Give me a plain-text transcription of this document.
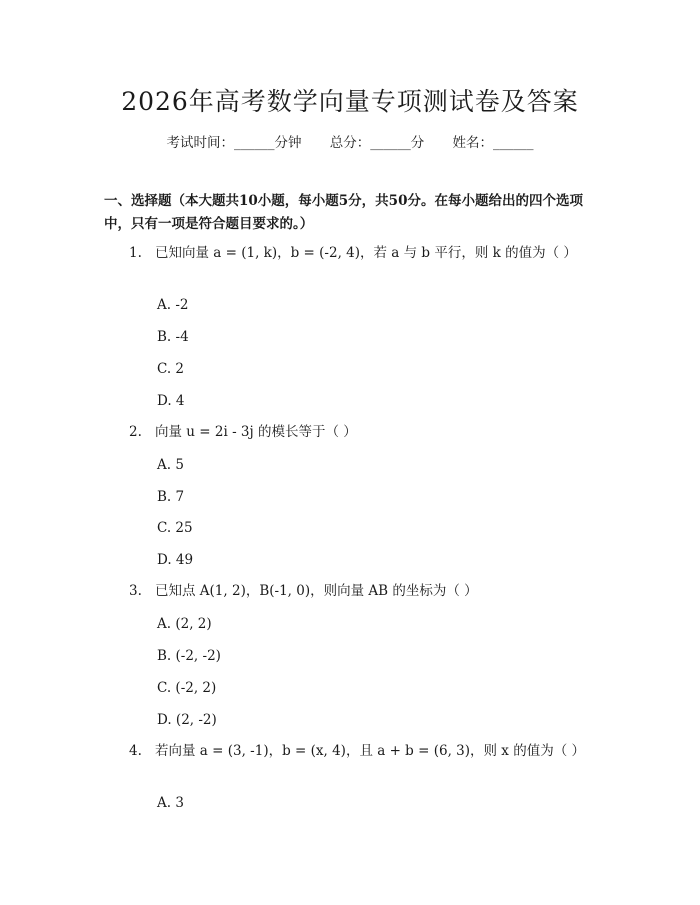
2026年高考数学向量专项测试卷及答案
考试时间：______分钟 总分：______分 姓名：______
一、选择题（本大题共10小题，每小题5分，共50分。在每小题给出的四个选项中，只有一项是符合题目要求的。）
1. 已知向量 a = (1, k)，b = (-2, 4)，若 a 与 b 平行，则 k 的值为（ ）
A. -2
B. -4
C. 2
D. 4
2. 向量 u = 2i - 3j 的模长等于（ ）
A. 5
B. 7
C. 25
D. 49
3. 已知点 A(1, 2)，B(-1, 0)，则向量 AB 的坐标为（ ）
A. (2, 2)
B. (-2, -2)
C. (-2, 2)
D. (2, -2)
4. 若向量 a = (3, -1)，b = (x, 4)，且 a + b = (6, 3)，则 x 的值为（ ）
A. 3
